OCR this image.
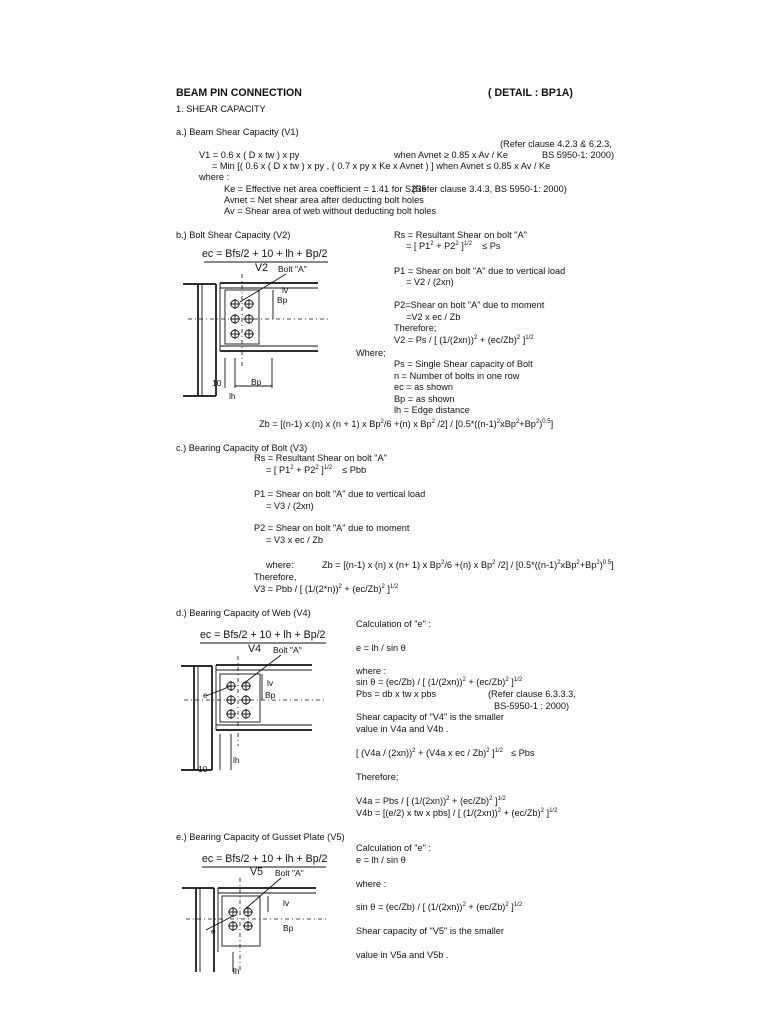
BEAM PIN CONNECTION	( DETAIL : BP1A)
1. SHEAR CAPACITY
a.) Beam Shear Capacity (V1)
(Refer clause 4.2.3 & 6.2.3,
V1 = 0.6 x ( D x tw ) x py	when Avnet ≥ 0.85 x Av / Ke	BS 5950-1: 2000)
= Min [( 0.6 x ( D x tw ) x py , ( 0.7 x py x Ke x Avnet ) ] when Avnet ≤ 0.85 x Av / Ke
where :
Ke = Effective net area coefficient = 1.41 for S235
(Refer clause 3.4.3, BS 5950-1: 2000)
Avnet = Net shear area after deducting bolt holes
Av = Shear area of web without deducting bolt holes
b.) Bolt Shear Capacity (V2)	Rs = Resultant Shear on bolt "A"
= [ $P1^2 + P2^2$ ]$^{1/2}$ ≤ Ps
P1 = Shear on bolt "A" due to vertical load
= V2 / (2xn)
P2=Shear on bolt "A" due to moment
=V2 x ec / Zb
Therefore;
V2 = Ps / [ $(1/(2xn))^2 + (ec/Zb)^2$ ]$^{1/2}$
Where;
Ps = Single Shear capacity of Bolt
n = Number of bolts in one row
ec = as shown
Bp = as shown
lh = Edge distance
Zb = [(n-1) x (n) x (n + 1) x $Bp^2/6 +(n)$ x Bp$^2$ $/2] / [0.5*((n-1)^2xBp^2+Bp^2)^{0.5}]$
ec = Bfs/2 + 10 + lh + Bp/2
V2 Bolt "A"
lv
Bp
10	Bp
lh
c.) Bearing Capacity of Bolt (V3)
Rs = Resultant Shear on bolt "A"
= [ $P1^2 + P2^2$ ]$^{1/2}$ ≤ Pbb
P1 = Shear on bolt "A" due to vertical load
= V3 / (2xn)
P2 = Shear on bolt "A" due to moment
= V3 x ec / Zb
where:	Zb = [(n-1) x (n) x (n+ 1) x $Bp^2/6 +(n)$ x Bp$^2$ $/2] / [0.5*((n-1)^2xBp^2+Bp^2)^{0.5}]$
Therefore,
V3 = Pbb / [ $(1/(2*n))^2 + (ec/Zb)^2$ ]$^{1/2}$
d.) Bearing Capacity of Web (V4)
Calculation of "e" :
e = lh / sin θ
where :
sin θ = (ec/Zb) / [ $(1/(2xn))^2 + (ec/Zb)^2$ ]$^{1/2}$
Pbs = db x tw x pbs	(Refer clause 6.3.3.3,
BS-5950-1 : 2000)
Shear capacity of "V4" is the smaller
value in V4a and V4b .
[ (V4a / (2xn))$^2$ + (V4a x ec / Zb)$^2$ ]$^{1/2}$ ≤ Pbs
Therefore;
V4a = Pbs / [ $(1/(2xn))^2 + (ec/Zb)^2$ ]$^{1/2}$
V4b = [(e/2) x tw x pbs] / [ $(1/(2xn))^2 + (ec/Zb)^2$ ]$^{1/2}$
ec = Bfs/2 + 10 + lh + Bp/2
V4 Bolt "A"
e
lv
Bp
10
lh
e.) Bearing Capacity of Gusset Plate (V5)
Calculation of "e" :
e = lh / sin θ
where :
sin θ = (ec/Zb) / [ $(1/(2xn))^2 + (ec/Zb)^2$ ]$^{1/2}$
Shear capacity of "V5" is the smaller
value in V5a and V5b .
ec = Bfs/2 + 10 + lh + Bp/2
V5 Bolt "A"
e
lv
Bp
lh
